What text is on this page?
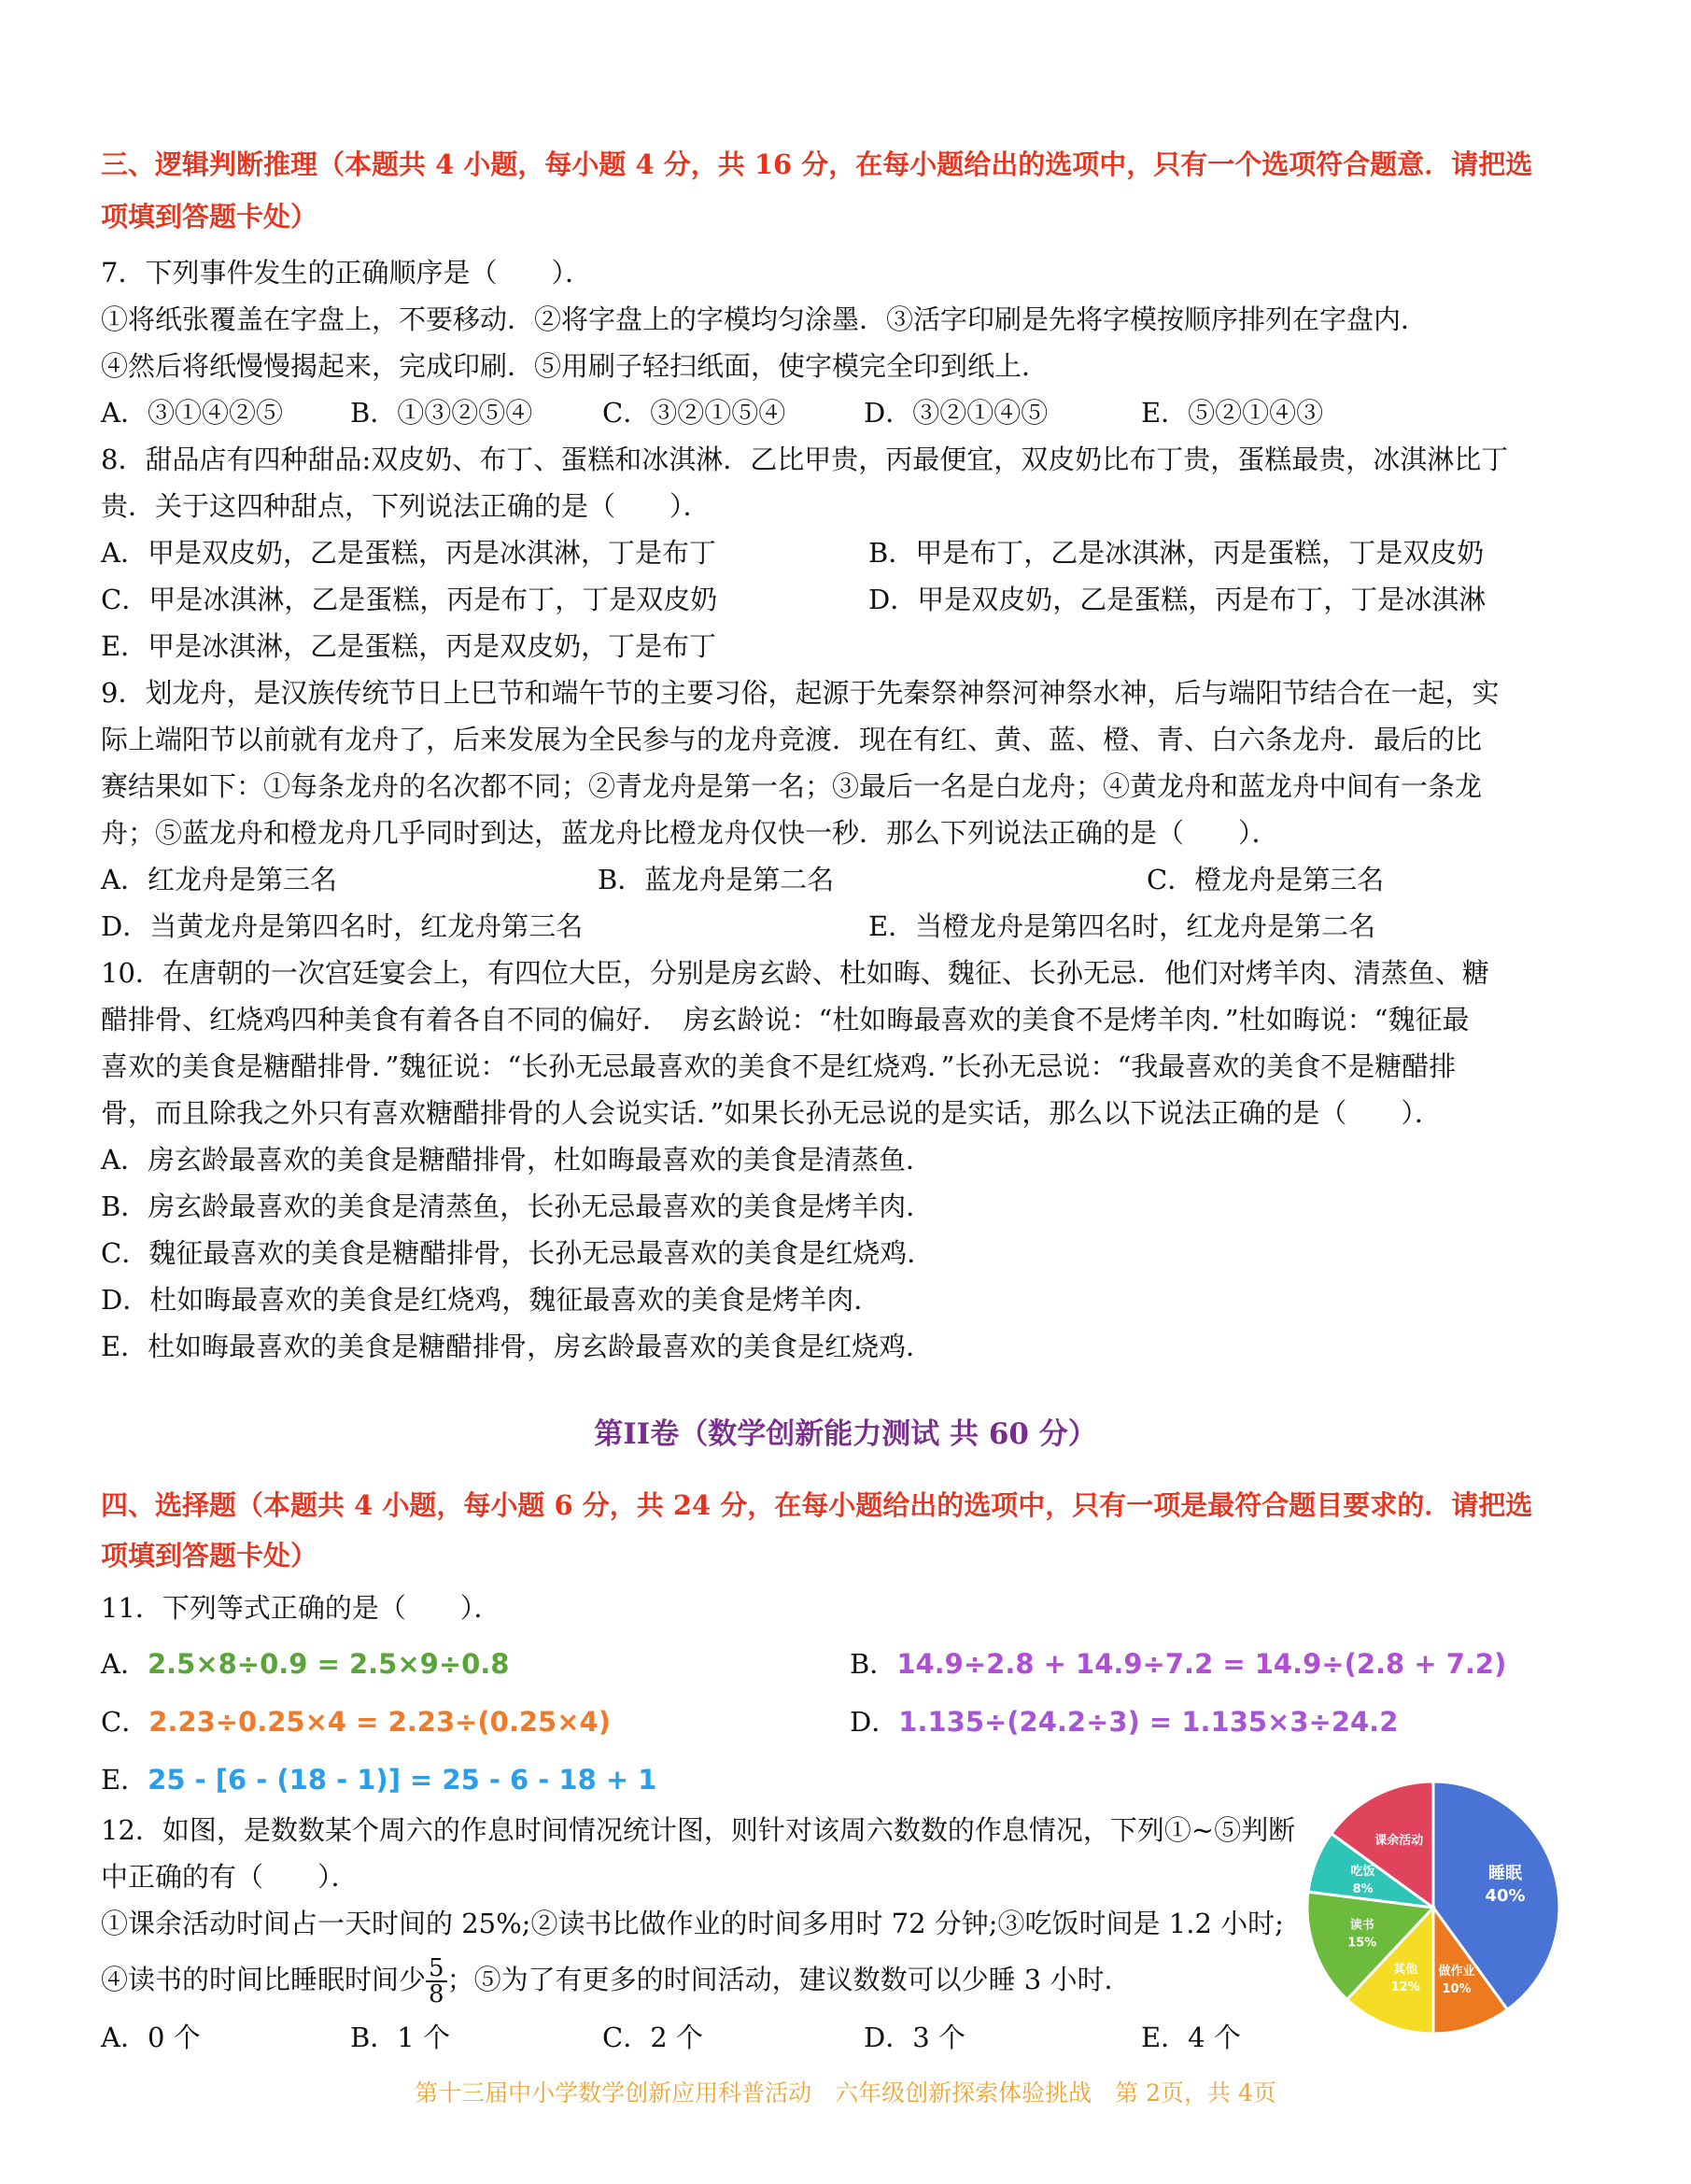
三、逻辑判断推理（本题共 4 小题，每小题 4 分，共 16 分，在每小题给出的选项中，只有一个选项符合题意．请把选
项填到答题卡处）
7．下列事件发生的正确顺序是（　　）．
①将纸张覆盖在字盘上，不要移动．②将字盘上的字模均匀涂墨．③活字印刷是先将字模按顺序排列在字盘内．
④然后将纸慢慢揭起来，完成印刷．⑤用刷子轻扫纸面，使字模完全印到纸上．
A．③①④②⑤ B．①③②⑤④	C．③②①⑤④	D．③②①④⑤	E．⑤②①④③
8．甜品店有四种甜品:双皮奶、布丁、蛋糕和冰淇淋．乙比甲贵，丙最便宜，双皮奶比布丁贵，蛋糕最贵，冰淇淋比丁
贵．关于这四种甜点，下列说法正确的是（　　）．
A．甲是双皮奶，乙是蛋糕，丙是冰淇淋，丁是布丁	B．甲是布丁，乙是冰淇淋，丙是蛋糕，丁是双皮奶
C．甲是冰淇淋，乙是蛋糕，丙是布丁，丁是双皮奶	D．甲是双皮奶，乙是蛋糕，丙是布丁，丁是冰淇淋
E．甲是冰淇淋，乙是蛋糕，丙是双皮奶，丁是布丁
9．划龙舟，是汉族传统节日上巳节和端午节的主要习俗，起源于先秦祭神祭河神祭水神，后与端阳节结合在一起，实
际上端阳节以前就有龙舟了，后来发展为全民参与的龙舟竞渡．现在有红、黄、蓝、橙、青、白六条龙舟．最后的比
赛结果如下：①每条龙舟的名次都不同；②青龙舟是第一名；③最后一名是白龙舟；④黄龙舟和蓝龙舟中间有一条龙
舟；⑤蓝龙舟和橙龙舟几乎同时到达，蓝龙舟比橙龙舟仅快一秒．那么下列说法正确的是（　　）．
A．红龙舟是第三名	B．蓝龙舟是第二名	C．橙龙舟是第三名
D．当黄龙舟是第四名时，红龙舟第三名	E．当橙龙舟是第四名时，红龙舟是第二名
10．在唐朝的一次宫廷宴会上，有四位大臣，分别是房玄龄、杜如晦、魏征、长孙无忌．他们对烤羊肉、清蒸鱼、糖
醋排骨、红烧鸡四种美食有着各自不同的偏好．　房玄龄说：“杜如晦最喜欢的美食不是烤羊肉．”杜如晦说：“魏征最
喜欢的美食是糖醋排骨．”魏征说：“长孙无忌最喜欢的美食不是红烧鸡．”长孙无忌说：“我最喜欢的美食不是糖醋排
骨，而且除我之外只有喜欢糖醋排骨的人会说实话．”如果长孙无忌说的是实话，那么以下说法正确的是（　　）．
A．房玄龄最喜欢的美食是糖醋排骨，杜如晦最喜欢的美食是清蒸鱼．
B．房玄龄最喜欢的美食是清蒸鱼，长孙无忌最喜欢的美食是烤羊肉．
C．魏征最喜欢的美食是糖醋排骨，长孙无忌最喜欢的美食是红烧鸡．
D．杜如晦最喜欢的美食是红烧鸡，魏征最喜欢的美食是烤羊肉．
E．杜如晦最喜欢的美食是糖醋排骨，房玄龄最喜欢的美食是红烧鸡．
第II卷（数学创新能力测试 共 60 分）
四、选择题（本题共 4 小题，每小题 6 分，共 24 分，在每小题给出的选项中，只有一项是最符合题目要求的．请把选
项填到答题卡处）
11．下列等式正确的是（　　）．
A．2.5×8÷0.9 = 2.5×9÷0.8	B．14.9÷2.8 + 14.9÷7.2 = 14.9÷(2.8 + 7.2)
C．2.23÷0.25×4 = 2.23÷(0.25×4)	D．1.135÷(24.2÷3) = 1.135×3÷24.2
E．25 - [6 - (18 - 1)] = 25 - 6 - 18 + 1
12．如图，是数数某个周六的作息时间情况统计图，则针对该周六数数的作息情况，下列①~⑤判断
中正确的有（　　）．
①课余活动时间占一天时间的 25%;②读书比做作业的时间多用时 72 分钟;③吃饭时间是 1.2 小时;
④读书的时间比睡眠时间少 $\frac{5}{8}$ ；⑤为了有更多的时间活动，建议数数可以少睡 3 小时．
A．0 个	B．1 个	C．2 个	D．3 个	E．4 个
睡眠
40%
做作业
10%
其他
12%
读书
15%
吃饭
8%
课余活动
第十三届中小学数学创新应用科普活动　六年级创新探索体验挑战　第 2页，共 4页
